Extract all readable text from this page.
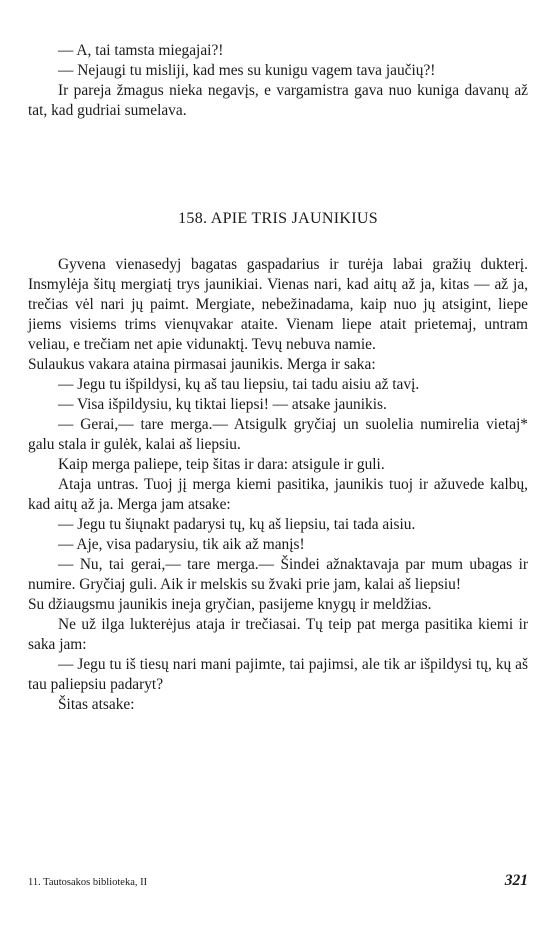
— A, tai tamsta miegajai?!

— Nejaugi tu misliji, kad mes su kunigu vagem tava jaučių?!

Ir pareja žmagus nieka negavįs, e vargamistra gava nuo kuniga davanų až tat, kad gudriai sumelava.

158. APIE TRIS JAUNIKIUS

Gyvena vienasedyj bagatas gaspadarius ir turėja labai gražių dukterį. Insmylėja šitų mergiatį trys jaunikiai. Vienas nari, kad aitų až ja, kitas — až ja, trečias vėl nari jų paimt. Mergiate, nebežinadama, kaip nuo jų atsigint, liepe jiems visiems trims vienųvakar ataite. Vienam liepe atait prietemaj, untram veliau, e trečiam net apie vidunaktį. Tevų nebuva namie.

Sulaukus vakara ataina pirmasai jaunikis. Merga ir saka:

— Jegu tu išpildysi, kų aš tau liepsiu, tai tadu aisiu až tavį.

— Visa išpildysiu, kų tiktai liepsi! — atsake jaunikis.

— Gerai,— tare merga.— Atsigulk gryčiaj un suolelia numirelia vietaj* galu stala ir gulėk, kalai aš liepsiu.

Kaip merga paliepe, teip šitas ir dara: atsigule ir guli.

Ataja untras. Tuoj jį merga kiemi pasitika, jaunikis tuoj ir ažuvede kalbų, kad aitų až ja. Merga jam atsake:

— Jegu tu šiųnakt padarysi tų, kų aš liepsiu, tai tada aisiu.

— Aje, visa padarysiu, tik aik až manįs!

— Nu, tai gerai,— tare merga.— Šindei ažnaktavaja par mum ubagas ir numire. Gryčiaj guli. Aik ir melskis su žvaki prie jam, kalai aš liepsiu!

Su džiaugsmu jaunikis ineja gryčian, pasijeme knygų ir meldžias.

Ne už ilga lukterėjus ataja ir trečiasai. Tų teip pat merga pasitika kiemi ir saka jam:

— Jegu tu iš tiesų nari mani pajimte, tai pajimsi, ale tik ar išpildysi tų, kų aš tau paliepsiu padaryt?

Šitas atsake:

11. Tautosakos biblioteka, II	321
